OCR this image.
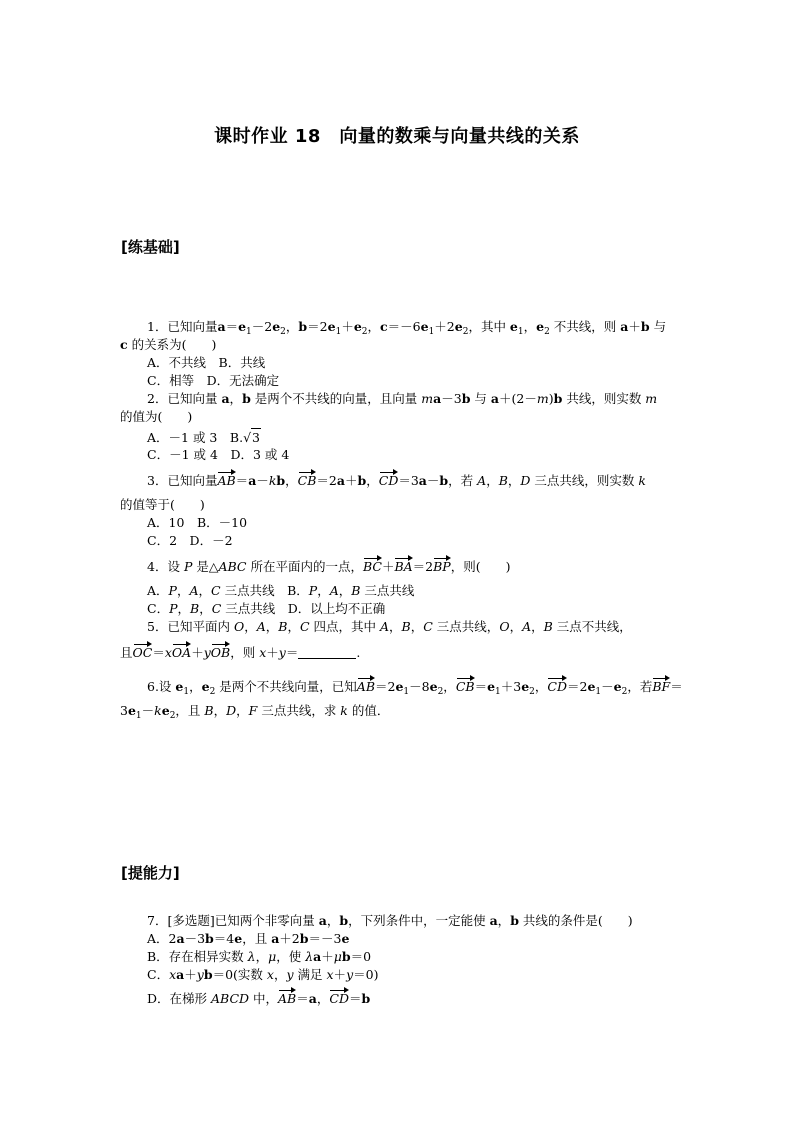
课时作业 18　向量的数乘与向量共线的关系
[练基础]
1．已知向量$a=e_1-2e_2$，$b=2e_1+e_2$，$c=-6e_1+2e_2$，其中 $e_1$，$e_2$ 不共线，则 a＋b 与
c 的关系为(　　)
A．不共线　 B．共线
C．相等　 D．无法确定
2．已知向量 a，b 是两个不共线的向量，且向量 ma－3b 与 a＋(2－m)b 共线，则实数 m
的值为(　　)
A．－1 或 3　 B.√3
C．－1 或 4　 D．3 或 4
3．已知向量AB＝a－kb，CB＝2a＋b，CD＝3a－b，若 A，B，D 三点共线，则实数 k
的值等于(　　)
A．10　 B．－10
C．2　 D．－2
4．设 P 是△ABC 所在平面内的一点，BC＋BA＝2BP，则(　　)
A．P，A，C 三点共线　B．P，A，B 三点共线
C．P，B，C 三点共线　D．以上均不正确
5．已知平面内 O，A，B，C 四点，其中 A，B，C 三点共线，O，A，B 三点不共线，
且OC＝xOA＋yOB，则 x＋y＝	.
6.设 $e_1$，$e_2$ 是两个不共线向量，已知$AB=2e_1-8e_2$，$CB=e_1+3e_2$，$CD=2e_1-e_2$，若BF＝
$3e_1-ke_2$，且 B，D，F 三点共线，求 k 的值．
[提能力]
7．[多选题]已知两个非零向量 a，b，下列条件中，一定能使 a，b 共线的条件是(　　)
A．2a－3b＝4e，且 a＋2b＝－3e
B．存在相异实数 λ，μ，使 λa＋μb＝0
C．xa＋yb＝0(实数 x，y 满足 x＋y＝0)
D．在梯形 ABCD 中，AB＝a，CD＝b
